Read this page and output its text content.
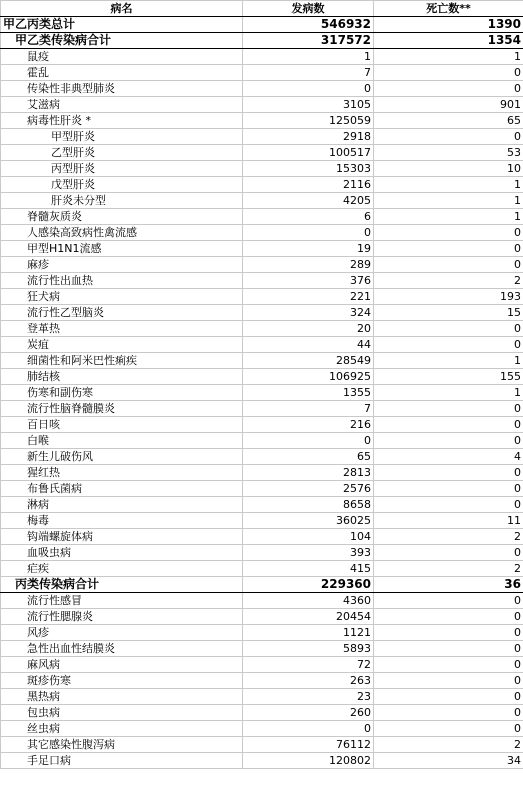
病名	发病数	死亡数**
甲乙丙类总计	546932	1390
甲乙类传染病合计	317572	1354
鼠疫	1	1
霍乱	7	0
传染性非典型肺炎	0	0
艾滋病	3105	901
病毒性肝炎 *	125059	65
甲型肝炎	2918	0
乙型肝炎	100517	53
丙型肝炎	15303	10
戊型肝炎	2116	1
肝炎未分型	4205	1
脊髓灰质炎	6	1
人感染高致病性禽流感	0	0
甲型H1N1流感	19	0
麻疹	289	0
流行性出血热	376	2
狂犬病	221	193
流行性乙型脑炎	324	15
登革热	20	0
炭疽	44	0
细菌性和阿米巴性痢疾	28549	1
肺结核	106925	155
伤寒和副伤寒	1355	1
流行性脑脊髓膜炎	7	0
百日咳	216	0
白喉	0	0
新生儿破伤风	65	4
猩红热	2813	0
布鲁氏菌病	2576	0
淋病	8658	0
梅毒	36025	11
钩端螺旋体病	104	2
血吸虫病	393	0
疟疾	415	2
丙类传染病合计	229360	36
流行性感冒	4360	0
流行性腮腺炎	20454	0
风疹	1121	0
急性出血性结膜炎	5893	0
麻风病	72	0
斑疹伤寒	263	0
黑热病	23	0
包虫病	260	0
丝虫病	0	0
其它感染性腹泻病	76112	2
手足口病	120802	34
